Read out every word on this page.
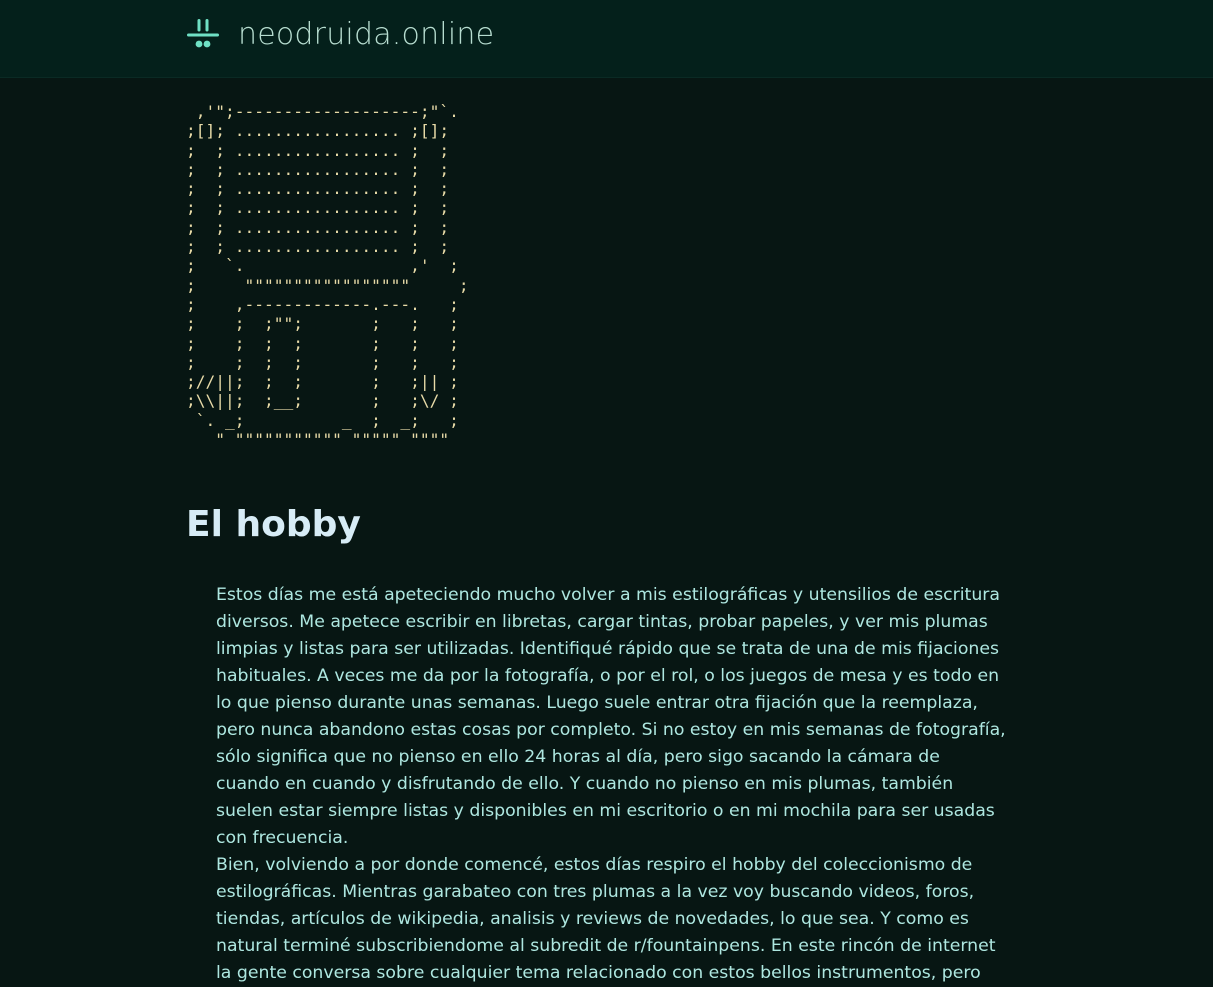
neodruida.online
,'";-------------------;"`.
;[]; ................. ;[];
;  ; ................. ;  ;
;  ; ................. ;  ;
;  ; ................. ;  ;
;  ; ................. ;  ;
;  ; ................. ;  ;
;  ; ................. ;  ;
;   `.                 ,'  ;
;     """""""""""""""""     ;
;    ,-------------.---.   ;
;    ;  ;"";       ;   ;   ;
;    ;  ;  ;       ;   ;   ;
;    ;  ;  ;       ;   ;   ;
;//||;  ;  ;       ;   ;|| ;
;\\||;  ;__;       ;   ;\/ ;
`. _;          _  ;  _;   ;
" """"""""""" """"" """"
El hobby

Estos días me está apeteciendo mucho volver a mis estilográficas y utensilios de escritura diversos. Me apetece escribir en libretas, cargar tintas, probar papeles, y ver mis plumas limpias y listas para ser utilizadas. Identifiqué rápido que se trata de una de mis fijaciones habituales. A veces me da por la fotografía, o por el rol, o los juegos de mesa y es todo en lo que pienso durante unas semanas. Luego suele entrar otra fijación que la reemplaza, pero nunca abandono estas cosas por completo. Si no estoy en mis semanas de fotografía, sólo significa que no pienso en ello 24 horas al día, pero sigo sacando la cámara de cuando en cuando y disfrutando de ello. Y cuando no pienso en mis plumas, también suelen estar siempre listas y disponibles en mi escritorio o en mi mochila para ser usadas con frecuencia.

Bien, volviendo a por donde comencé, estos días respiro el hobby del coleccionismo de estilográficas. Mientras garabateo con tres plumas a la vez voy buscando videos, foros, tiendas, artículos de wikipedia, analisis y reviews de novedades, lo que sea. Y como es natural terminé subscribiendome al subredit de r/fountainpens. En este rincón de internet la gente conversa sobre cualquier tema relacionado con estos bellos instrumentos, pero
